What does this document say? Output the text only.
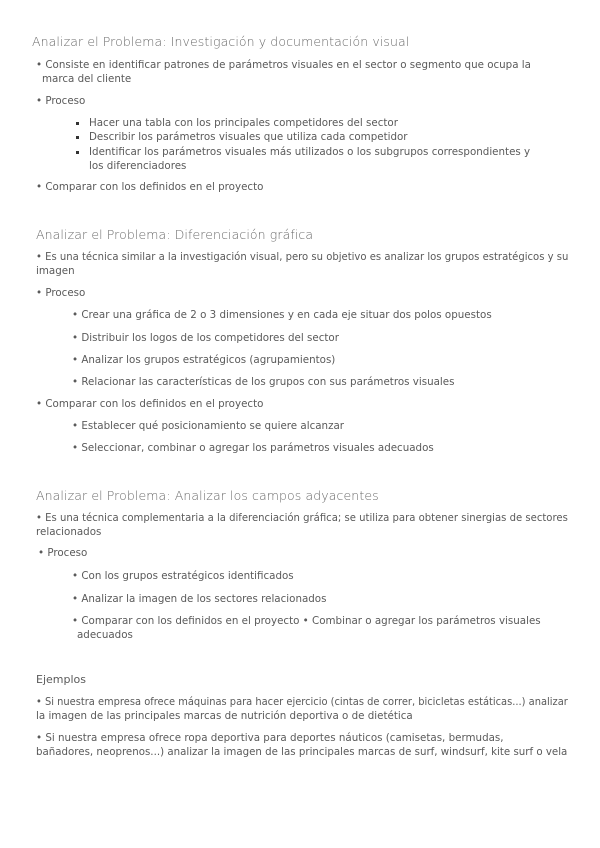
Analizar el Problema: Investigación y documentación visual
• Consiste en identificar patrones de parámetros visuales en el sector o segmento que ocupa la
marca del cliente
• Proceso
Hacer una tabla con los principales competidores del sector
Describir los parámetros visuales que utiliza cada competidor
Identificar los parámetros visuales más utilizados o los subgrupos correspondientes y
los diferenciadores
• Comparar con los definidos en el proyecto
Analizar el Problema: Diferenciación gráfica
• Es una técnica similar a la investigación visual, pero su objetivo es analizar los grupos estratégicos y su
imagen
• Proceso
• Crear una gráfica de 2 o 3 dimensiones y en cada eje situar dos polos opuestos
• Distribuir los logos de los competidores del sector
• Analizar los grupos estratégicos (agrupamientos)
• Relacionar las características de los grupos con sus parámetros visuales
• Comparar con los definidos en el proyecto
• Establecer qué posicionamiento se quiere alcanzar
• Seleccionar, combinar o agregar los parámetros visuales adecuados
Analizar el Problema: Analizar los campos adyacentes
• Es una técnica complementaria a la diferenciación gráfica; se utiliza para obtener sinergias de sectores
relacionados
• Proceso
• Con los grupos estratégicos identificados
• Analizar la imagen de los sectores relacionados
• Comparar con los definidos en el proyecto • Combinar o agregar los parámetros visuales
adecuados
Ejemplos
• Si nuestra empresa ofrece máquinas para hacer ejercicio (cintas de correr, bicicletas estáticas...) analizar
la imagen de las principales marcas de nutrición deportiva o de dietética
• Si nuestra empresa ofrece ropa deportiva para deportes náuticos (camisetas, bermudas,
bañadores, neoprenos...) analizar la imagen de las principales marcas de surf, windsurf, kite surf o vela
